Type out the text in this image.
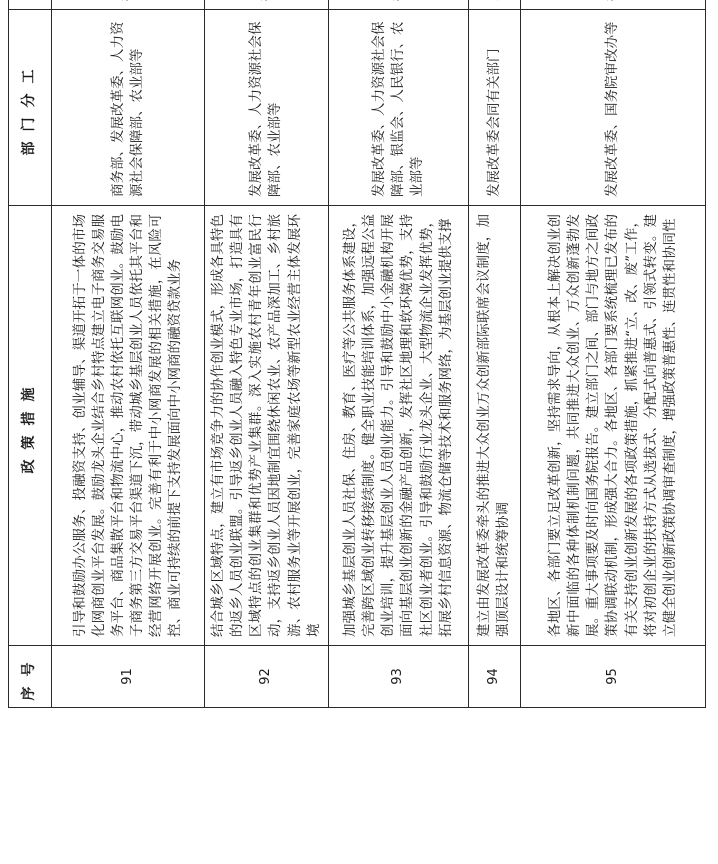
序号	政策措施	部门分工	
91	引导和鼓励办公服务、投融资支持、创业辅导、渠道开拓于一体的市场化网商创业平台发展。鼓励龙头企业结合乡村特点建立电子商务交易服务平台、商品集散平台和物流中心，推动农村依托互联网创业。鼓励电子商务第三方交易平台渠道下沉，带动城乡基层创业人员依托其平台和经营网络开展创业。完善有利于中小网商发展的相关措施，在风险可控、商业可持续的前提下支持发展面向中小网商的融资贷款业务	商务部、发展改革委、人力资源社会保障部、农业部等	
92	结合城乡区域特点，建立有市场竞争力的协作创业模式，形成各具特色的返乡人员创业联盟。引导返乡创业人员融入特色专业市场，打造具有区域特点的创业集群和优势产业集群。深入实施农村青年创业富民行动，支持返乡创业人员因地制宜围绕休闲农业、农产品深加工、乡村旅游、农村服务业等开展创业，完善家庭农场等新型农业经营主体发展环境	发展改革委、人力资源社会保障部、农业部等	
93	加强城乡基层创业人员社保、住房、教育、医疗等公共服务体系建设，完善跨区域创业转移接续制度。健全职业技能培训体系，加强远程公益创业培训，提升基层创业人员创业能力。引导和鼓励中小金融机构开展面向基层创业创新的金融产品创新，发挥社区地理和软环境优势，支持社区创业者创业。引导和鼓励行业龙头企业、大型物流企业发挥优势，拓展乡村信息资源、物流仓储等技术和服务网络，为基层创业提供支撑	发展改革委、人力资源社会保障部、银监会、人民银行、农业部等	
94	建立由发展改革委牵头的推进大众创业万众创新部际联席会议制度，加强顶层设计和统筹协调	发展改革委会同有关部门	
95	各地区、各部门要立足改革创新，坚持需求导向，从根本上解决创业创新中面临的各种体制机制问题，共同推进大众创业、万众创新蓬勃发展。重大事项要及时向国务院报告。建立部门之间、部门与地方之间政策协调联动机制，形成强大合力。各地区、各部门要系统梳理已发布的有关支持创业创新发展的各项政策措施，抓紧推进“立、改、废”工作，将对初创企业的扶持方式从选拔式、分配式向普惠式、引领式转变。建立健全创业创新政策协调审查制度，增强政策普惠性、连贯性和协同性	发展改革委、国务院审改办等	
